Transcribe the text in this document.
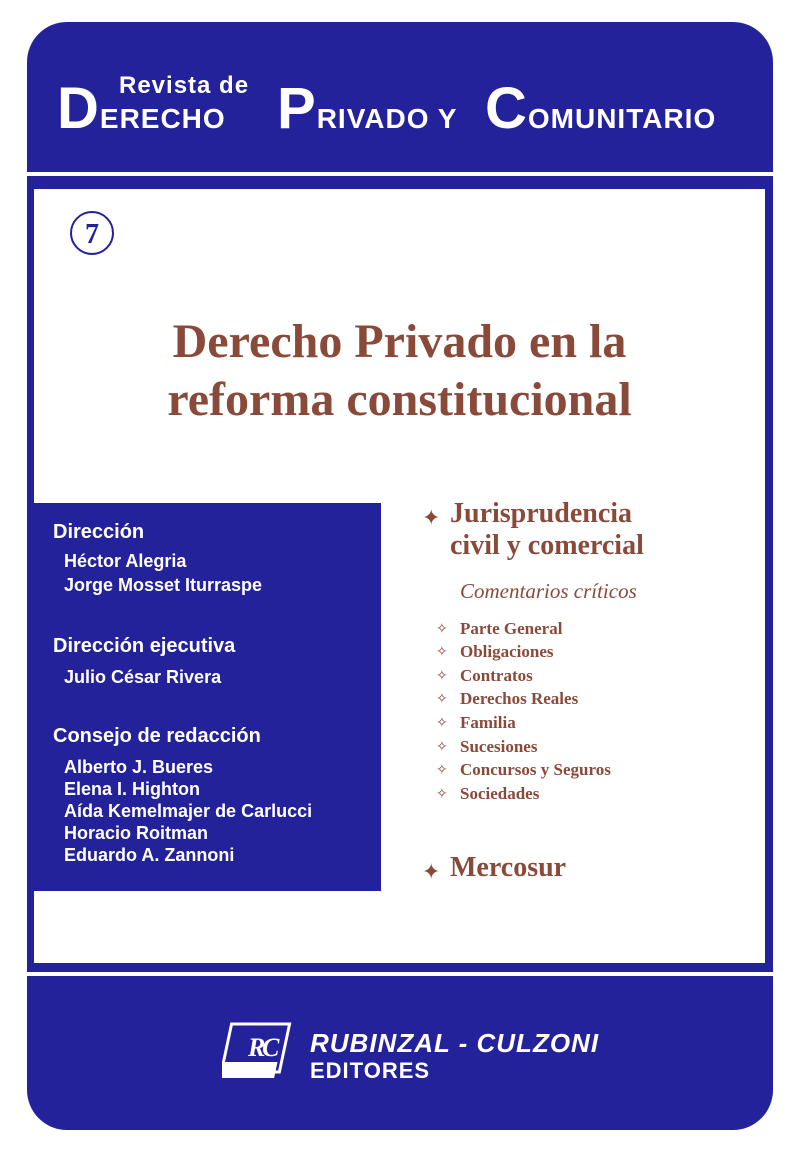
Revista de
DERECHO PRIVADO Y COMUNITARIO
7
Derecho Privado en la
reforma constitucional
Dirección
Héctor Alegria
Jorge Mosset Iturraspe
Dirección ejecutiva
Julio César Rivera
Consejo de redacción
Alberto J. Bueres
Elena I. Highton
Aída Kemelmajer de Carlucci
Horacio Roitman
Eduardo A. Zannoni
✦ Jurisprudencia
civil y comercial
Comentarios críticos
✧ Parte General
✧ Obligaciones
✧ Contratos
✧ Derechos Reales
✧ Familia
✧ Sucesiones
✧ Concursos y Seguros
✧ Sociedades
✦ Mercosur
R
C RUBINZAL - CULZONI
EDITORES
